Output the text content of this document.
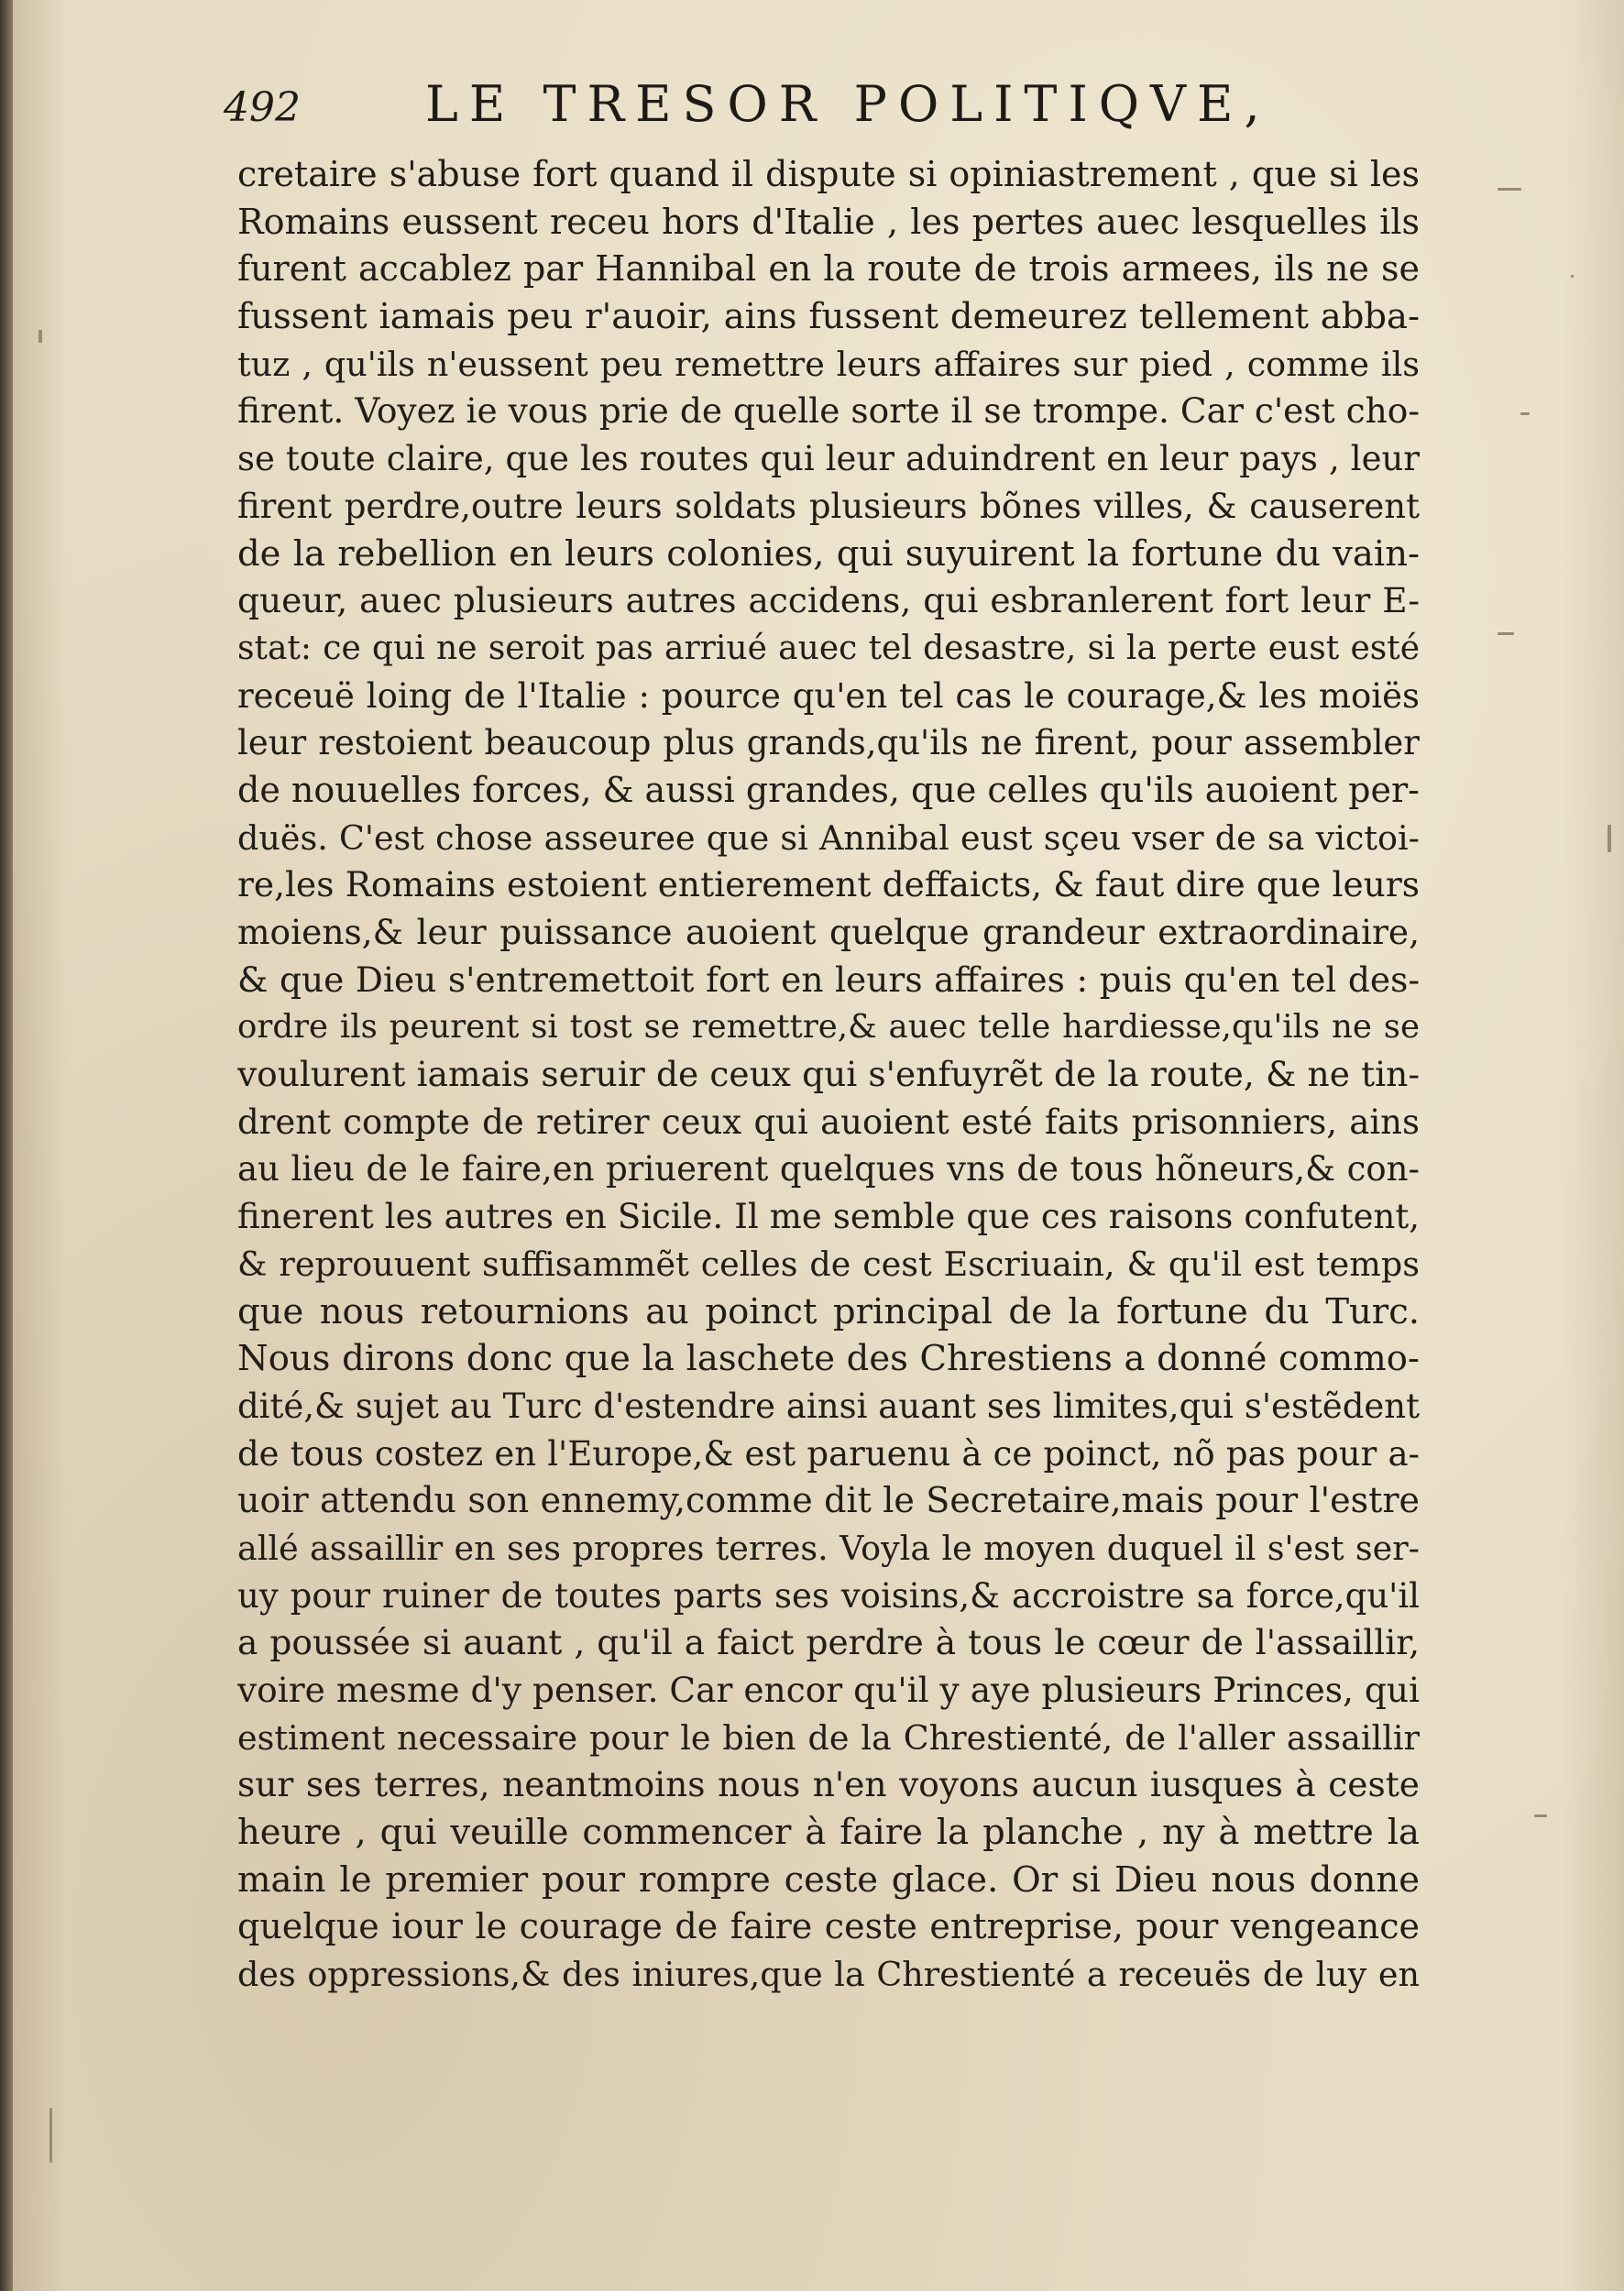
492	LE TRESOR POLITIQVE,
cretaire s'abuse fort quand il dispute si opiniastrement , que si les
Romains eussent receu hors d'Italie , les pertes auec lesquelles ils
furent accablez par Hannibal en la route de trois armees, ils ne se
fussent iamais peu r'auoir, ains fussent demeurez tellement abba-
tuz , qu'ils n'eussent peu remettre leurs affaires sur pied , comme ils
firent. Voyez ie vous prie de quelle sorte il se trompe. Car c'est cho-
se toute claire, que les routes qui leur aduindrent en leur pays , leur
firent perdre,outre leurs soldats plusieurs bõnes villes, & causerent
de la rebellion en leurs colonies, qui suyuirent la fortune du vain-
queur, auec plusieurs autres accidens, qui esbranlerent fort leur E-
stat: ce qui ne seroit pas arriué auec tel desastre, si la perte eust esté
receuë loing de l'Italie : pource qu'en tel cas le courage,& les moiës
leur restoient beaucoup plus grands,qu'ils ne firent, pour assembler
de nouuelles forces, & aussi grandes, que celles qu'ils auoient per-
duës. C'est chose asseuree que si Annibal eust sçeu vser de sa victoi-
re,les Romains estoient entierement deffaicts, & faut dire que leurs
moiens,& leur puissance auoient quelque grandeur extraordinaire,
& que Dieu s'entremettoit fort en leurs affaires : puis qu'en tel des-
ordre ils peurent si tost se remettre,& auec telle hardiesse,qu'ils ne se
voulurent iamais seruir de ceux qui s'enfuyrẽt de la route, & ne tin-
drent compte de retirer ceux qui auoient esté faits prisonniers, ains
au lieu de le faire,en priuerent quelques vns de tous hõneurs,& con-
finerent les autres en Sicile. Il me semble que ces raisons confutent,
& reprouuent suffisammẽt celles de cest Escriuain, & qu'il est temps
que nous retournions au poinct principal de la fortune du Turc.
Nous dirons donc que la laschete des Chrestiens a donné commo-
dité,& sujet au Turc d'estendre ainsi auant ses limites,qui s'estẽdent
de tous costez en l'Europe,& est paruenu à ce poinct, nõ pas pour a-
uoir attendu son ennemy,comme dit le Secretaire,mais pour l'estre
allé assaillir en ses propres terres. Voyla le moyen duquel il s'est ser-
uy pour ruiner de toutes parts ses voisins,& accroistre sa force,qu'il
a poussée si auant , qu'il a faict perdre à tous le cœur de l'assaillir,
voire mesme d'y penser. Car encor qu'il y aye plusieurs Princes, qui
estiment necessaire pour le bien de la Chrestienté, de l'aller assaillir
sur ses terres, neantmoins nous n'en voyons aucun iusques à ceste
heure , qui veuille commencer à faire la planche , ny à mettre la
main le premier pour rompre ceste glace. Or si Dieu nous donne
quelque iour le courage de faire ceste entreprise, pour vengeance
des oppressions,& des iniures,que la Chrestienté a receuës de luy en
